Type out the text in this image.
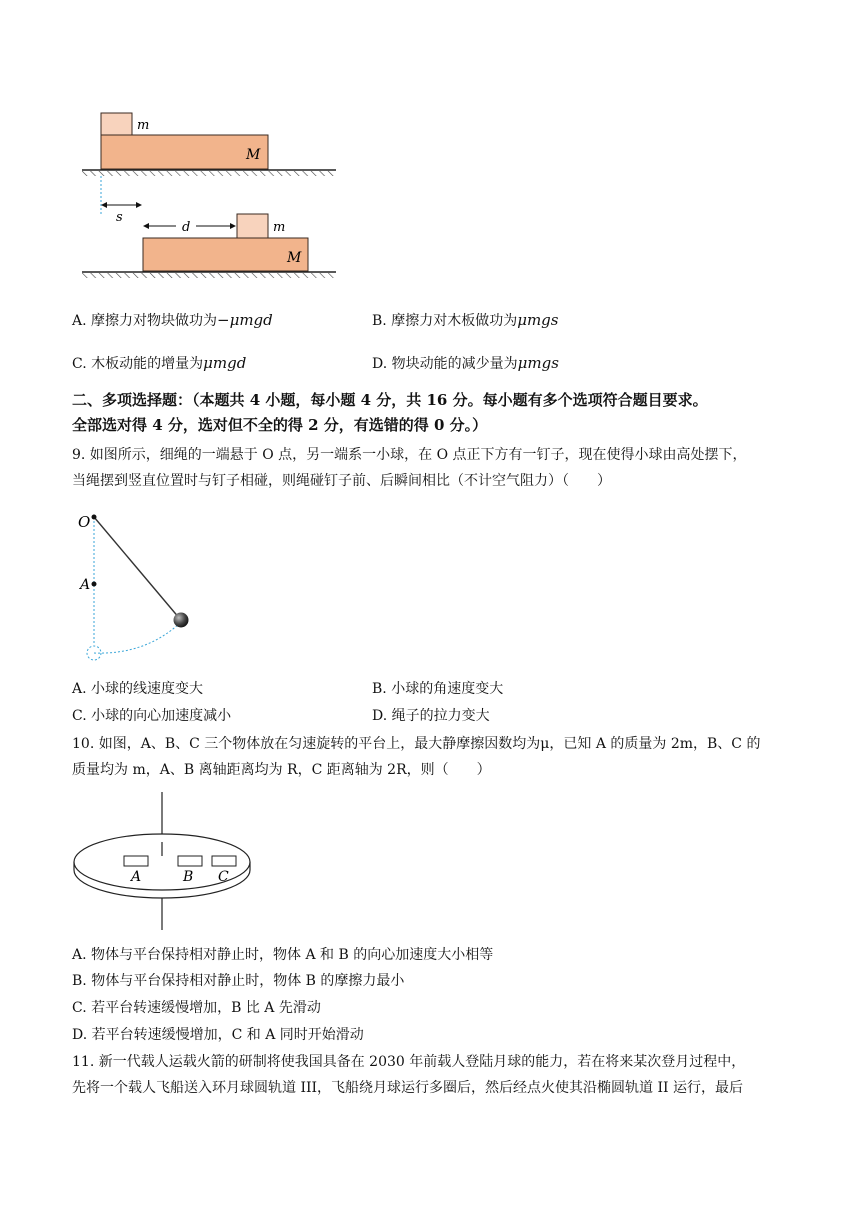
m
M
s
d	m
M
A. 摩擦力对物块做功为−μmgd	B. 摩擦力对木板做功为μmgs
C. 木板动能的增量为μmgd	D. 物块动能的减少量为μmgs
二、多项选择题：（本题共 4 小题，每小题 4 分，共 16 分。每小题有多个选项符合题目要求。
全部选对得 4 分，选对但不全的得 2 分，有选错的得 0 分。）
9. 如图所示，细绳的一端悬于 O 点，另一端系一小球，在 O 点正下方有一钉子，现在使得小球由高处摆下，
当绳摆到竖直位置时与钉子相碰，则绳碰钉子前、后瞬间相比（不计空气阻力）（　　）
O
A
A. 小球的线速度变大	B. 小球的角速度变大
C. 小球的向心加速度减小	D. 绳子的拉力变大
10. 如图，A、B、C 三个物体放在匀速旋转的平台上，最大静摩擦因数均为μ，已知 A 的质量为 2m，B、C 的
质量均为 m，A、B 离轴距离均为 R，C 距离轴为 2R，则（　　）
A	B C
A. 物体与平台保持相对静止时，物体 A 和 B 的向心加速度大小相等
B. 物体与平台保持相对静止时，物体 B 的摩擦力最小
C. 若平台转速缓慢增加，B 比 A 先滑动
D. 若平台转速缓慢增加，C 和 A 同时开始滑动
11. 新一代载人运载火箭的研制将使我国具备在 2030 年前载人登陆月球的能力，若在将来某次登月过程中，
先将一个载人飞船送入环月球圆轨道 III，飞船绕月球运行多圈后，然后经点火使其沿椭圆轨道 II 运行，最后
